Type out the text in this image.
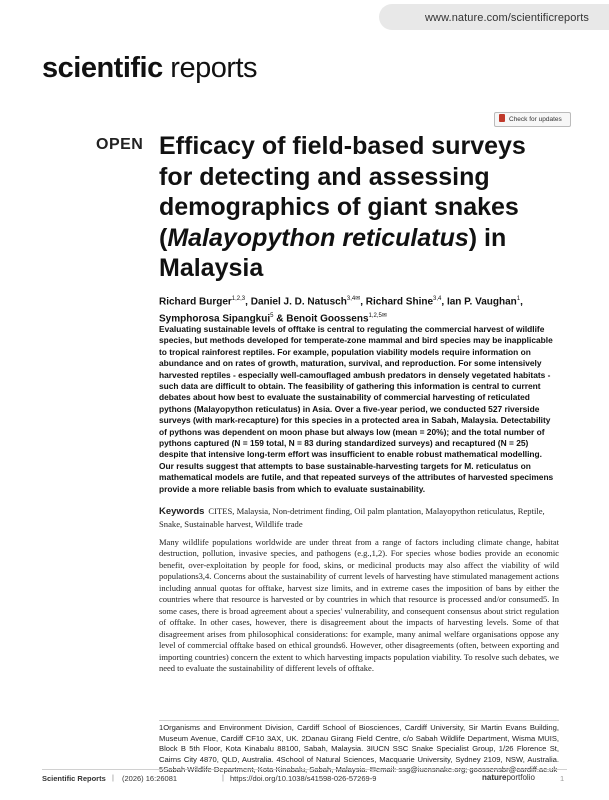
www.nature.com/scientificreports
scientific reports
Check for updates
OPEN Efficacy of field-based surveys for detecting and assessing demographics of giant snakes (Malayopython reticulatus) in Malaysia
Richard Burger$^{1,2,3}$, Daniel J. D. Natusch$^{3,4✉}$, Richard Shine$^{3,4}$, Ian P. Vaughan$^1$,
Symphorosa Sipangkui$^5$ & Benoit Goossens$^{1,2,5✉}$
Evaluating sustainable levels of offtake is central to regulating the commercial harvest of wildlife species, but methods developed for temperate-zone mammal and bird species may be inapplicable to tropical rainforest reptiles. For example, population viability models require information on abundance and on rates of growth, maturation, survival, and reproduction. For some intensively harvested reptiles - especially well-camouflaged ambush predators in densely vegetated habitats - such data are difficult to obtain. The feasibility of gathering this information is central to current debates about how best to evaluate the sustainability of commercial harvesting of reticulated pythons (Malayopython reticulatus) in Asia. Over a five-year period, we conducted 527 riverside surveys (with mark-recapture) for this species in a protected area in Sabah, Malaysia. Detectability of pythons was dependent on moon phase but always low (mean = 20%); and the total number of pythons captured (N = 159 total, N = 83 during standardized surveys) and recaptured (N = 25) despite that intensive long-term effort was insufficient to enable robust mathematical modelling. Our results suggest that attempts to base sustainable-harvesting targets for M. reticulatus on mathematical models are futile, and that repeated surveys of the attributes of harvested specimens provide a more reliable basis from which to evaluate sustainability.
Keywords CITES, Malaysia, Non-detriment finding, Oil palm plantation, Malayopython reticulatus, Reptile, Snake, Sustainable harvest, Wildlife trade
Many wildlife populations worldwide are under threat from a range of factors including climate change, habitat destruction, pollution, invasive species, and pathogens (e.g.,1,2). For species whose bodies provide an economic benefit, over-exploitation by people for food, skins, or medicinal products may also affect the viability of wild populations3,4. Concerns about the sustainability of current levels of harvesting have stimulated management actions including annual quotas for offtake, harvest size limits, and in extreme cases the imposition of bans by either the countries where that resource is harvested or by countries in which that resource is processed and/or consumed5. In some cases, there is broad agreement about a species' vulnerability, and consequent consensus about strict regulation of offtake. In other cases, however, there is disagreement about the impacts of harvesting levels. Some of that disagreement arises from philosophical considerations: for example, many animal welfare organisations oppose any level of commercial offtake based on ethical grounds6. However, other disagreements (often, between exporting and importing countries) concern the extent to which harvesting impacts population viability. To resolve such debates, we need to evaluate the sustainability of different levels of offtake.
1Organisms and Environment Division, Cardiff School of Biosciences, Cardiff University, Sir Martin Evans Building, Museum Avenue, Cardiff CF10 3AX, UK. 2Danau Girang Field Centre, c/o Sabah Wildlife Department, Wisma MUIS, Block B 5th Floor, Kota Kinabalu 88100, Sabah, Malaysia. 3IUCN SSC Snake Specialist Group, 1/26 Florence St, Cairns City 4870, QLD, Australia. 4School of Natural Sciences, Macquarie University, Sydney 2109, NSW, Australia.
Scientific Reports | (2026) 16:26081	| https://doi.org/10.1038/s41598-026-57269-9	natureportfolio	1
